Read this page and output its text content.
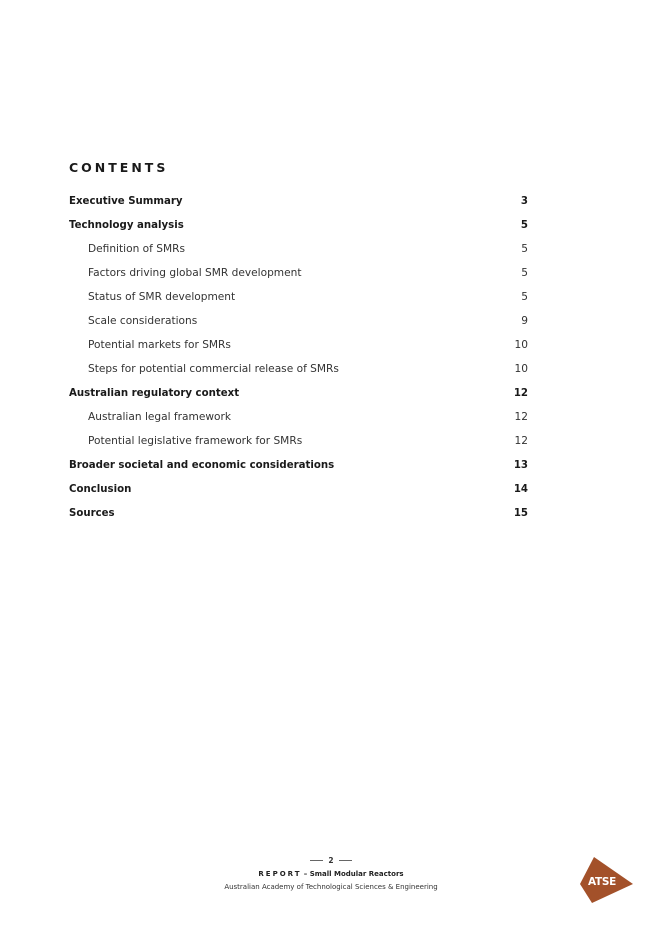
CONTENTS
Executive Summary	3
Technology analysis	5
Definition of SMRs	5
Factors driving global SMR development	5
Status of SMR development	5
Scale considerations	9
Potential markets for SMRs	10
Steps for potential commercial release of SMRs	10
Australian regulatory context	12
Australian legal framework	12
Potential legislative framework for SMRs	12
Broader societal and economic considerations	13
Conclusion	14
Sources	15
2
REPORT – Small Modular Reactors
Australian Academy of Technological Sciences & Engineering	ATSE
